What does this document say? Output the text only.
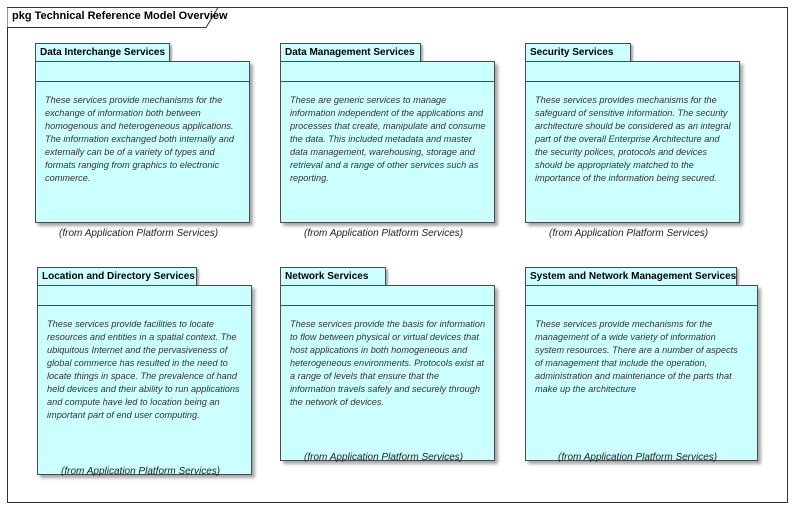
pkg Technical Reference Model Overview
Data Interchange Services
These services provide mechanisms for the exchange of information both between homogenous and heterogeneous applications. The information exchanged both internally and externally can be of a variety of types and formats ranging from graphics to electronic commerce.
(from Application Platform Services)
Data Management Services
These are generic services to manage information independent of the applications and processes that create, manipulate and consume the data. This included metadata and master data management, warehousing, storage and retrieval and a range of other services such as reporting.
(from Application Platform Services)
Security Services
These services provides mechanisms for the safeguard of sensitive information. The security architecture should be considered as an integral part of the overall Enterprise Architecture and the security polices, protocols and devices should be appropriately matched to the importance of the information being secured.
(from Application Platform Services)
Location and Directory Services
These services provide facilities to locate resources and entities in a spatial context. The ubiquitous Internet and the pervasiveness of global commerce has resulted in the need to locate things in space. The prevalence of hand held devices and their ability to run applications and compute have led to location being an important part of end user computing.
(from Application Platform Services)
Network Services
These services provide the basis for information to flow between physical or virtual devices that host applications in both homogeneous and heterogeneous environments. Protocols exist at a range of levels that ensure that the information travels safely and securely through the network of devices.
(from Application Platform Services)
System and Network Management Services
These services provide mechanisms for the management of a wide variety of information system resources. There are a number of aspects of management that include the operation, administration and maintenance of the parts that make up the architecture
(from Application Platform Services)
